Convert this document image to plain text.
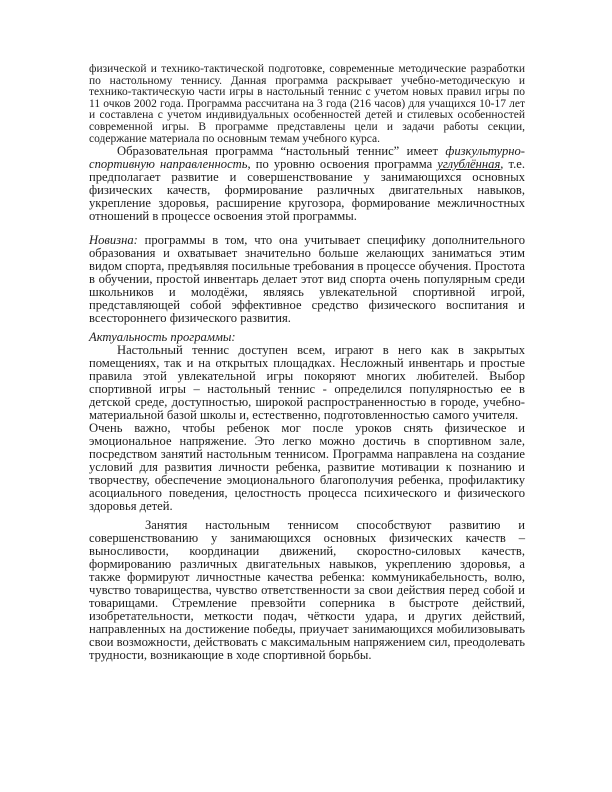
физической и технико-тактической подготовке, современные методические разработки по настольному теннису. Данная программа раскрывает учебно-методическую и технико-тактическую части игры в настольный теннис с учетом новых правил игры по 11 очков 2002 года. Программа рассчитана на 3 года (216 часов) для учащихся 10-17 лет и составлена с учетом индивидуальных особенностей детей и стилевых особенностей современной игры. В программе представлены цели и задачи работы секции, содержание материала по основным темам учебного курса.

Образовательная программа “настольный теннис” имеет физкультурно-спортивную направленность, по уровню освоения программа углублённая, т.е. предполагает развитие и совершенствование у занимающихся основных физических качеств, формирование различных двигательных навыков, укрепление здоровья, расширение кругозора, формирование межличностных отношений в процессе освоения этой программы.

Новизна: программы в том, что она учитывает специфику дополнительного образования и охватывает значительно больше желающих заниматься этим видом спорта, предъявляя посильные требования в процессе обучения. Простота в обучении, простой инвентарь делает этот вид спорта очень популярным среди школьников и молодёжи, являясь увлекательной спортивной игрой, представляющей собой эффективное средство физического воспитания и всестороннего физического развития.

Актуальность программы:

Настольный теннис доступен всем, играют в него как в закрытых помещениях, так и на открытых площадках. Несложный инвентарь и простые правила этой увлекательной игры покоряют многих любителей. Выбор спортивной игры – настольный теннис - определился популярностью ее в детской среде, доступностью, широкой распространенностью в городе, учебно-материальной базой школы и, естественно, подготовленностью самого учителя.

Очень важно, чтобы ребенок мог после уроков снять физическое и эмоциональное напряжение. Это легко можно достичь в спортивном зале, посредством занятий настольным теннисом. Программа направлена на создание условий для развития личности ребенка, развитие мотивации к познанию и творчеству, обеспечение эмоционального благополучия ребенка, профилактику асоциального поведения, целостность процесса психического и физического здоровья детей.

Занятия настольным теннисом способствуют развитию и совершенствованию у занимающихся основных физических качеств – выносливости, координации движений, скоростно-силовых качеств, формированию различных двигательных навыков, укреплению здоровья, а также формируют личностные качества ребенка: коммуникабельность, волю, чувство товарищества, чувство ответственности за свои действия перед собой и товарищами. Стремление превзойти соперника в быстроте действий, изобретательности, меткости подач, чёткости удара, и других действий, направленных на достижение победы, приучает занимающихся мобилизовывать свои возможности, действовать с максимальным напряжением сил, преодолевать трудности, возникающие в ходе спортивной борьбы.
